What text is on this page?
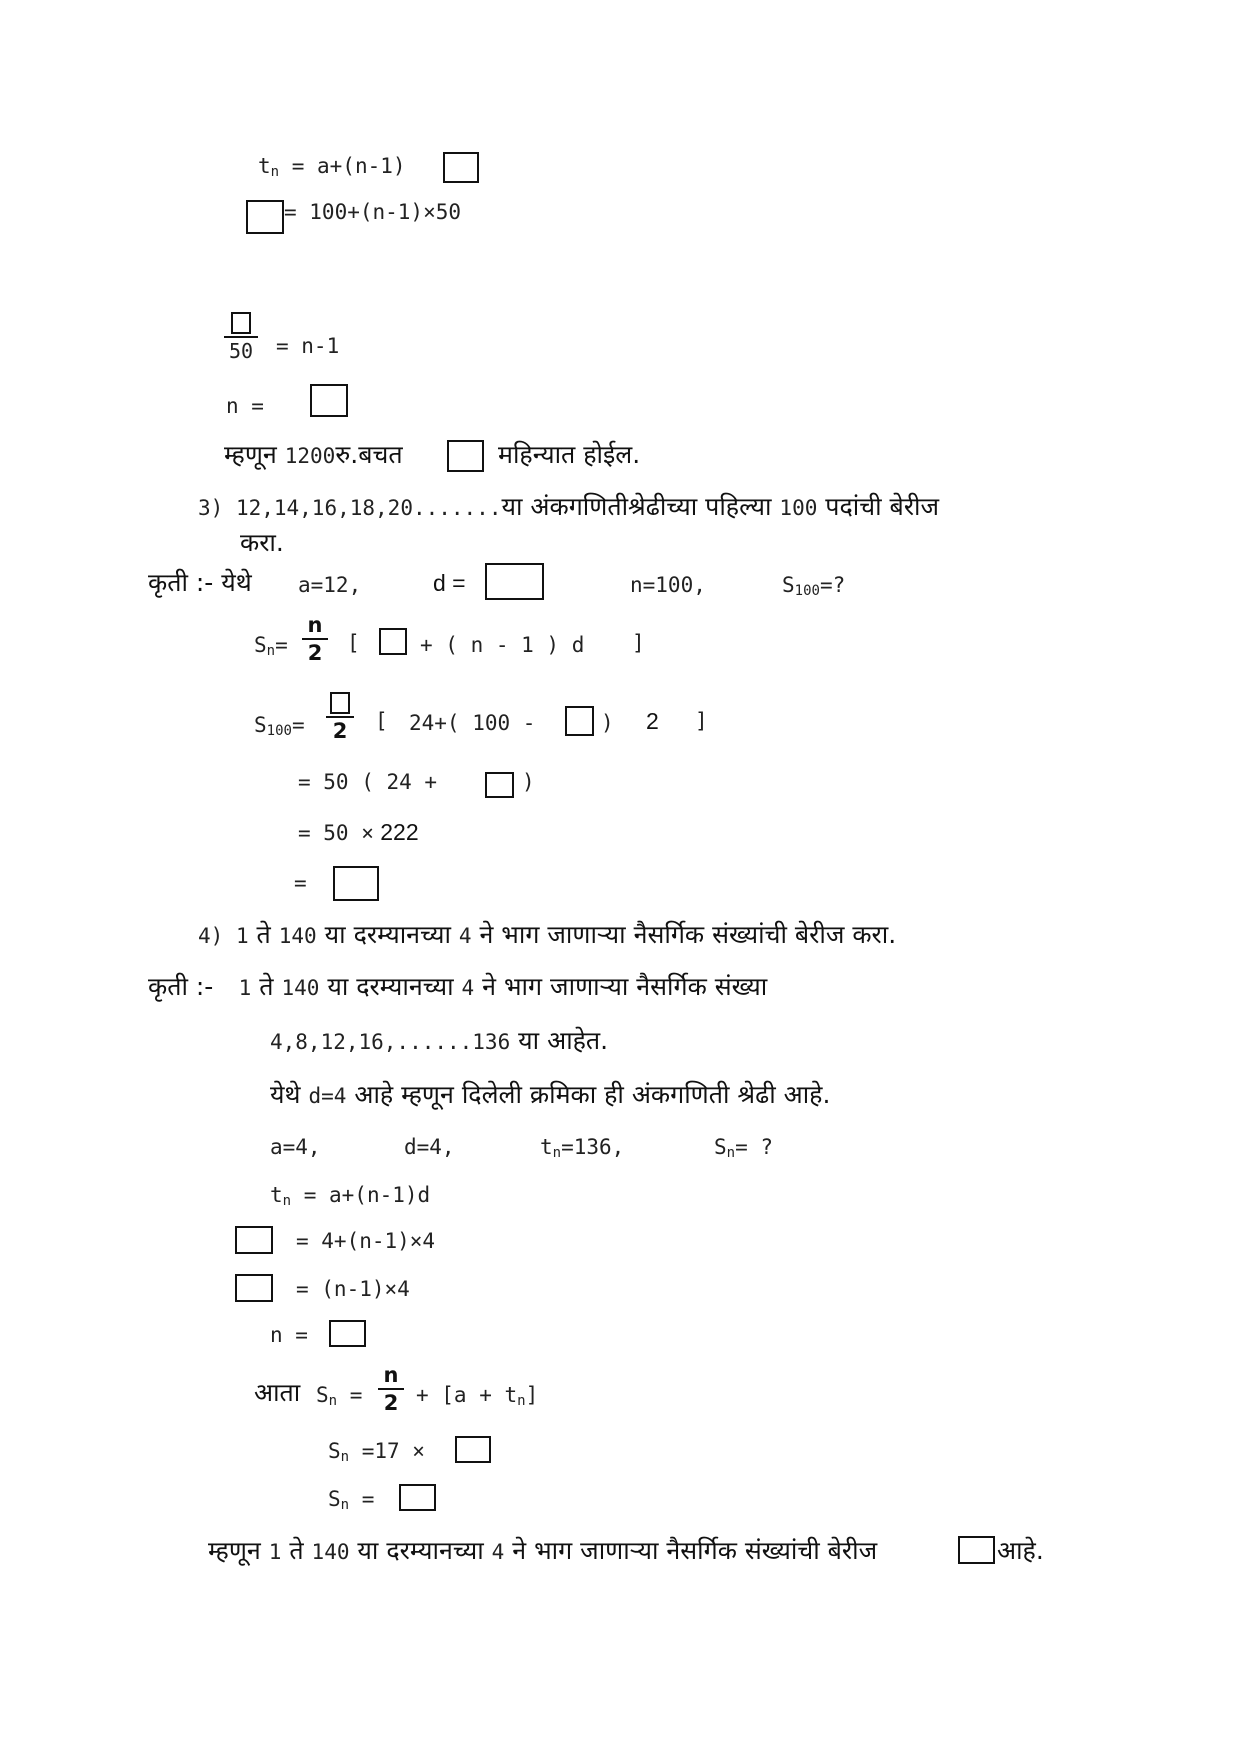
$t_n = a+(n-1)$
= 100+(n-1)×50
50 = n-1
n =
म्हणून 1200रु.बचत	महिन्यात होईल.
3) 12,14,16,18,20.......या अंकगणितीश्रेढीच्या पहिल्या 100 पदांची बेरीज
करा.
कृती :- येथे a=12,	d =	n=100,	$S_{100}=$?
$S_n=$
n
2 [	+ ( n - 1 ) d ]
$S_{100}= 2$ [ 24+( 100 -	) 2 ]
= 50 ( 24 +	)
= 50 × 222
=
4) 1 ते 140 या दरम्यानच्या 4 ने भाग जाणाऱ्या नैसर्गिक संख्यांची बेरीज करा.
कृती :- 1 ते 140 या दरम्यानच्या 4 ने भाग जाणाऱ्या नैसर्गिक संख्या
4,8,12,16,......136 या आहेत.
येथे d=4 आहे म्हणून दिलेली क्रमिका ही अंकगणिती श्रेढी आहे.
a=4,	d=4,	$t_n=136$,	$S_n=$ ?
$t_n = a+(n-1)d$
= 4+(n-1)×4
= (n-1)×4
n =
आता $S_n$ =
n
$2 + [a + t_n]$
$S_n =17$ ×
$S_n$ =
म्हणून 1 ते 140 या दरम्यानच्या 4 ने भाग जाणाऱ्या नैसर्गिक संख्यांची बेरीज	आहे.
